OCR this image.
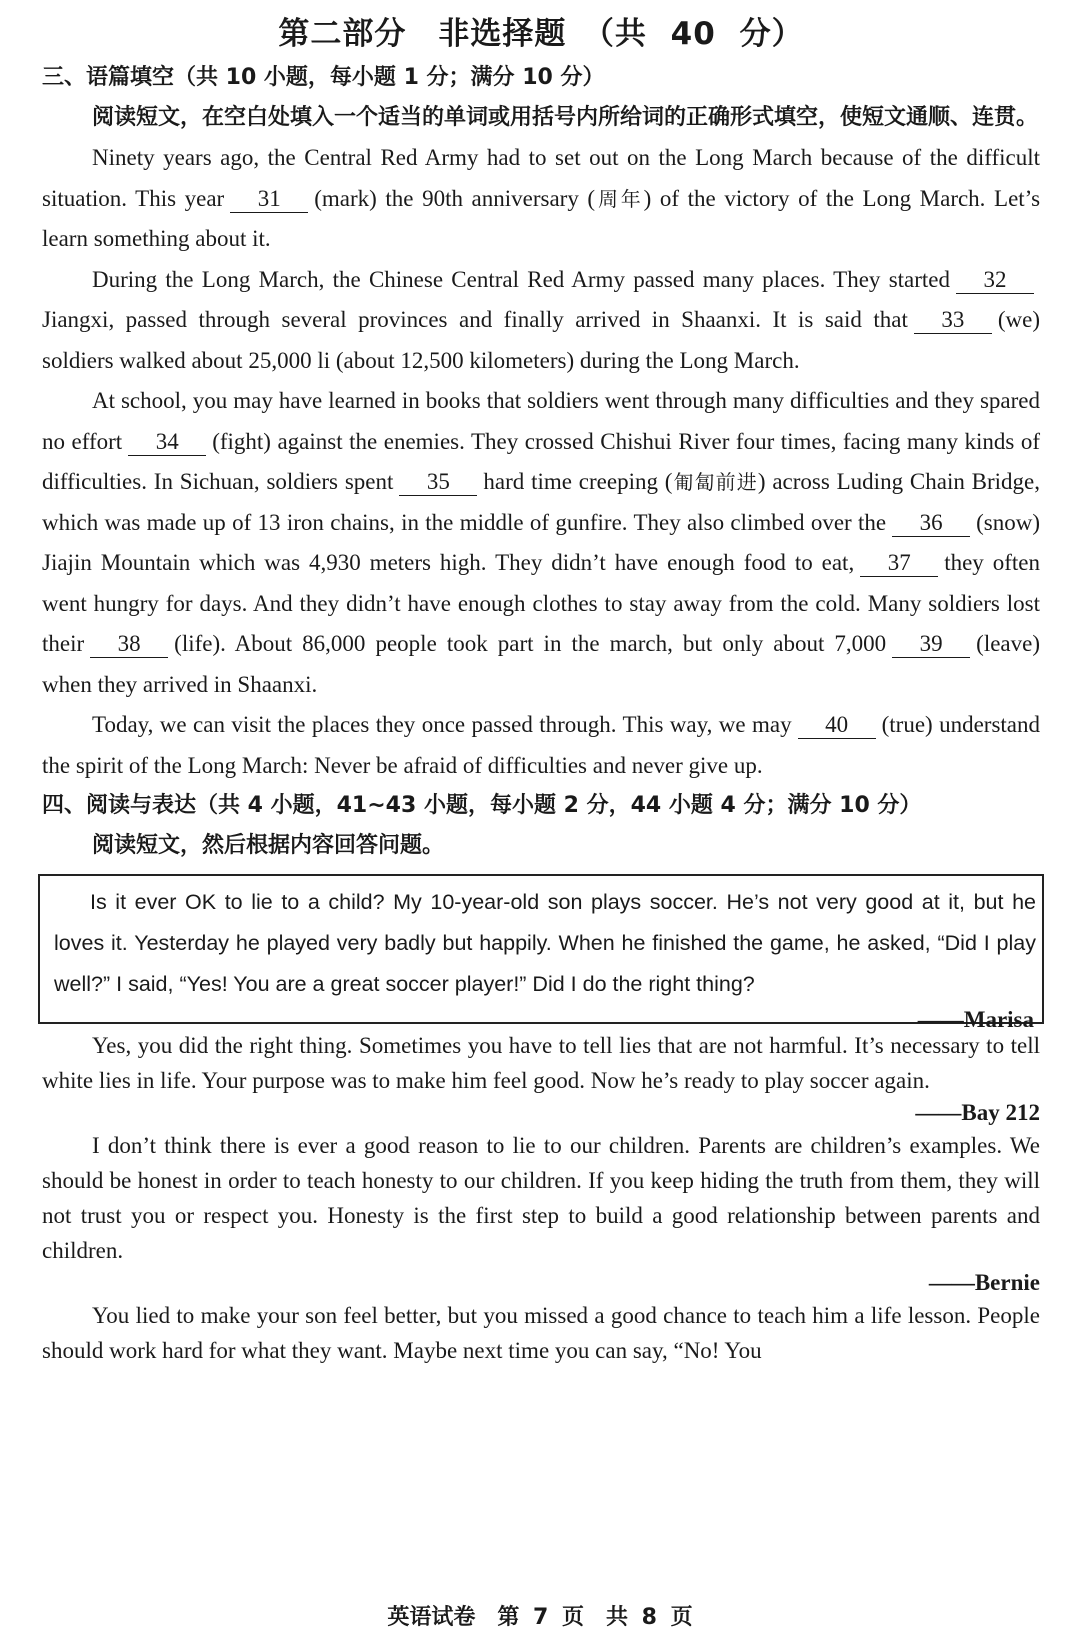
第二部分　非选择题　（共 40 分）
三、语篇填空（共 10 小题，每小题 1 分；满分 10 分）
阅读短文，在空白处填入一个适当的单词或用括号内所给词的正确形式填空，使短文通顺、连贯。

Ninety years ago, the Central Red Army had to set out on the Long March because of the difficult situation. This year 31 (mark) the 90th anniversary (周年) of the victory of the Long March. Let’s learn something about it.

During the Long March, the Chinese Central Red Army passed many places. They started 32Jiangxi, passed through several provinces and finally arrived in Shaanxi. It is said that 33 (we) soldiers walked about 25,000 li (about 12,500 kilometers) during the Long March.

At school, you may have learned in books that soldiers went through many difficulties and they spared no effort 34 (fight) against the enemies. They crossed Chishui River four times, facing many kinds of difficulties. In Sichuan, soldiers spent 35 hard time creeping (匍匐前进) across Luding Chain Bridge, which was made up of 13 iron chains, in the middle of gunfire. They also climbed over the 36 (snow) Jiajin Mountain which was 4,930 meters high. They didn’t have enough food to eat, 37 they often went hungry for days. And they didn’t have enough clothes to stay away from the cold. Many soldiers lost their 38 (life). About 86,000 people took part in the march, but only about 7,000 39 (leave) when they arrived in Shaanxi.

Today, we can visit the places they once passed through. This way, we may 40 (true) understand the spirit of the Long March: Never be afraid of difficulties and never give up.

四、阅读与表达（共 4 小题，41~43 小题，每小题 2 分，44 小题 4 分；满分 10 分）
阅读短文，然后根据内容回答问题。

Is it ever OK to lie to a child? My 10-year-old son plays soccer. He’s not very good at it, but he loves it. Yesterday he played very badly but happily. When he finished the game, he asked, “Did I play well?” I said, “Yes! You are a great soccer player!” Did I do the right thing?

——Marisa

Yes, you did the right thing. Sometimes you have to tell lies that are not harmful. It’s necessary to tell white lies in life. Your purpose was to make him feel good. Now he’s ready to play soccer again.

——Bay 212

I don’t think there is ever a good reason to lie to our children. Parents are children’s examples. We should be honest in order to teach honesty to our children. If you keep hiding the truth from them, they will not trust you or respect you. Honesty is the first step to build a good relationship between parents and children.

——Bernie

You lied to make your son feel better, but you missed a good chance to teach him a life lesson. People should work hard for what they want. Maybe next time you can say, “No! You

英语试卷　第 7 页　共 8 页
